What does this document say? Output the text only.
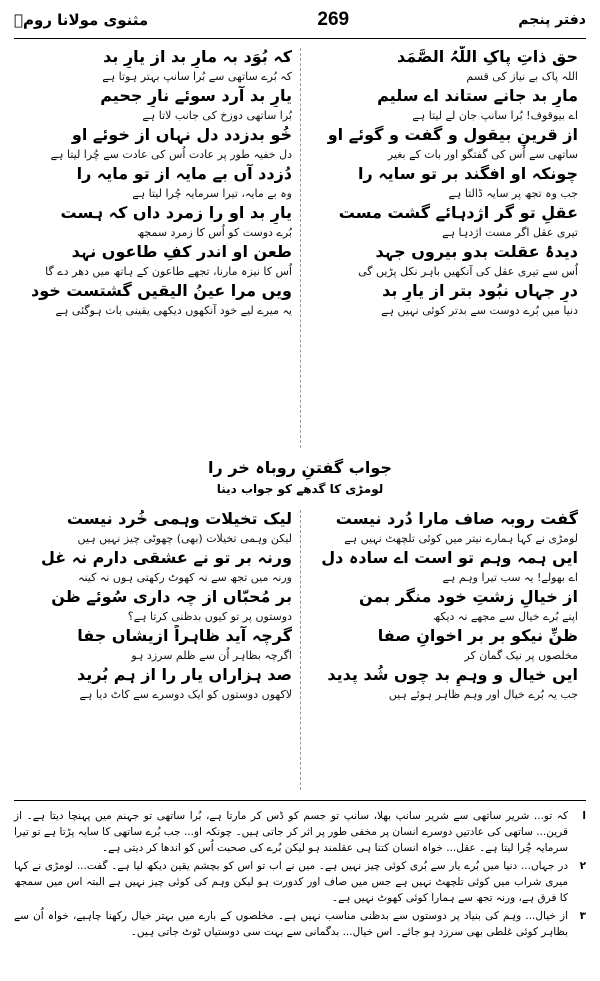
مثنوی مولانا رومؒ	269	دفتر پنجم
حق ذاتِ پاکِ اللّٰہُ الصَّمَد
اللہ پاک بے نیاز کی قسم
مارِ بد جانے ستاند اے سلیم
اے بیوقوف! بُرا سانپ جان لے لیتا ہے
از قرینِ بیقول و گفت و گوئے او
ساتھی سے اُس کی گفتگو اور بات کے بغیر
چونکہ او افگند بر تو سایہ را
جب وہ تجھ پر سایہ ڈالتا ہے
عقلِ تو گر اژدہائے گشت مست
تیری عقل اگر مست اژدہا ہے
دیدۂ عقلت بدو بیروں جہد
اُس سے تیری عقل کی آنکھیں باہر نکل پڑیں گی
درِ جہاں نبُود بتر از یارِ بد
دنیا میں بُرے دوست سے بدتر کوئی نہیں ہے
کہ بُوَد بہ مارِ بد از یارِ بد
کہ بُرے ساتھی سے بُرا سانپ بہتر ہوتا ہے
یارِ بد آرد سوئے نارِ جحیم
بُرا ساتھی دوزخ کی جانب لاتا ہے
خُو بدزدد دل نہاں از خوئے او
دل خفیہ طور پر عادت اُس کی عادت سے چُرا لیتا ہے
دُزدد آں بے مایہ از تو مایہ را
وہ بے مایہ، تیرا سرمایہ چُرا لیتا ہے
یارِ بد او را زمرد داں کہ ہست
بُرے دوست کو اُس کا زمرد سمجھ
طعن او اندر کفِ طاعوں نہد
اُس کا نیزہ مارنا، تجھے طاعون کے ہاتھ میں دھر دے گا
ویں مرا عینُ الیقیں گشتست خود
یہ میرے لیے خود آنکھوں دیکھی یقینی بات ہوگئی ہے
جواب گفتنِ روباہ خر را
لومڑی کا گدھے کو جواب دینا
گفت روبہ صاف مارا دُرد نیست
لومڑی نے کہا ہمارے نیتر میں کوئی تلچھٹ نہیں ہے
ایں ہمہ وہم تو است اے سادہ دل
اے بھولے! یہ سب تیرا وہم ہے
از خیالِ زشتِ خود منگر بمن
اپنے بُرے خیال سے مجھے نہ دیکھ
ظنِّ نیکو بر بر اخوانِ صفا
مخلصوں پر نیک گمان کر
ایں خیال و وہمِ بد چوں شُد پدید
جب یہ بُرے خیال اور وہم ظاہر ہوئے ہیں
لیک تخیلات وہمی خُرد نیست
لیکن وہمی تخیلات (بھی) چھوٹی چیز نہیں ہیں
ورنہ بر تو نے عشقی دارم نہ غل
ورنہ میں تجھ سے نہ کھوٹ رکھتی ہوں نہ کینہ
بر مُحبّاں از چہ داری سُوئے ظن
دوستوں پر تو کیوں بدظنی کرتا ہے؟
گرچہ آید ظاہراً ازیشاں جفا
اگرچہ بظاہر اُن سے ظلم سرزد ہو
صد ہزاراں یار را از ہم بُرید
لاکھوں دوستوں کو ایک دوسرے سے کاٹ دیا ہے
ا
کہ تو... شریر ساتھی سے شریر سانپ بھلا، سانپ تو جسم کو ڈس کر مارتا ہے، بُرا ساتھی تو جہنم میں پہنچا دیتا ہے۔ از قرین... ساتھی کی عادتیں دوسرے انسان پر مخفی طور پر اثر کر جاتی ہیں۔ چونکہ او... جب بُرے ساتھی کا سایہ پڑتا ہے تو تیرا سرمایہ چُرا لیتا ہے۔ عقل... خواہ انسان کتنا ہی عقلمند ہو لیکن بُرے کی صحبت اُس کو اندھا کر دیتی ہے۔
۲
در جہاں... دنیا میں بُرے یار سے بُری کوئی چیز نہیں ہے۔ میں نے اب تو اس کو بچشم یقین دیکھ لیا ہے۔ گفت... لومڑی نے کہا میری شراب میں کوئی تلچھٹ نہیں ہے جس میں صاف اور کدورت ہو لیکن وہم کی کوئی چیز نہیں ہے البتہ اس میں سمجھ کا فرق ہے، ورنہ تجھ سے ہمارا کوئی کھوٹ نہیں ہے۔
۳
از خیال... وہم کی بنیاد پر دوستوں سے بدظنی مناسب نہیں ہے۔ مخلصوں کے بارے میں بہتر خیال رکھنا چاہیے، خواہ اُن سے بظاہر کوئی غلطی بھی سرزد ہو جائے۔ اس خیال... بدگمانی سے بہت سی دوستیاں ٹوٹ جاتی ہیں۔
